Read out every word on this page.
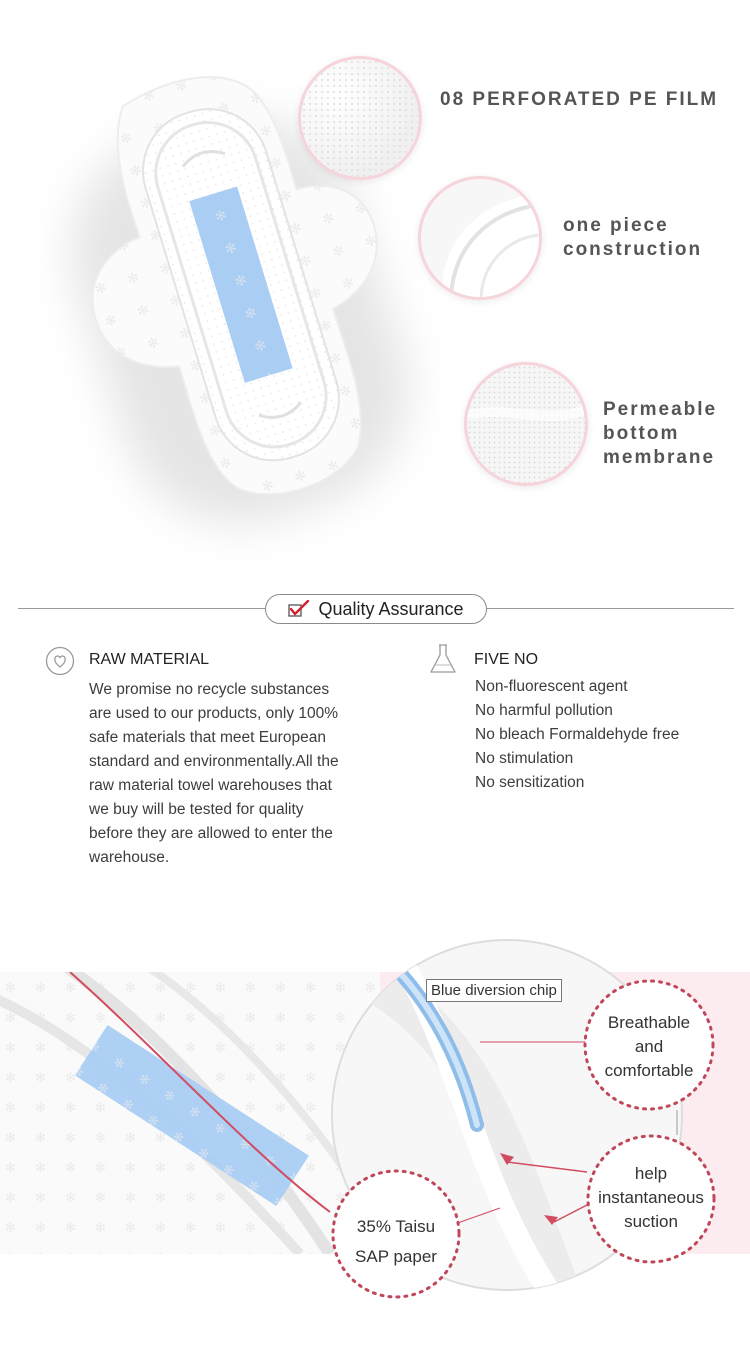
08 PERFORATED PE FILM
one piece
construction
Permeable
bottom
membrane
Quality Assurance
RAW MATERIAL
We promise no recycle substances
are used to our products, only 100%
safe materials that meet European
standard and environmentally.All the
raw material towel warehouses that
we buy will be tested for quality
before they are allowed to enter the
warehouse.
FIVE NO
Non-fluorescent agent
No harmful pollution
No bleach Formaldehyde free
No stimulation
No sensitization
Blue diversion chip
Breathable
and
comfortable
help
instantaneous
suction
35% Taisu
SAP paper
